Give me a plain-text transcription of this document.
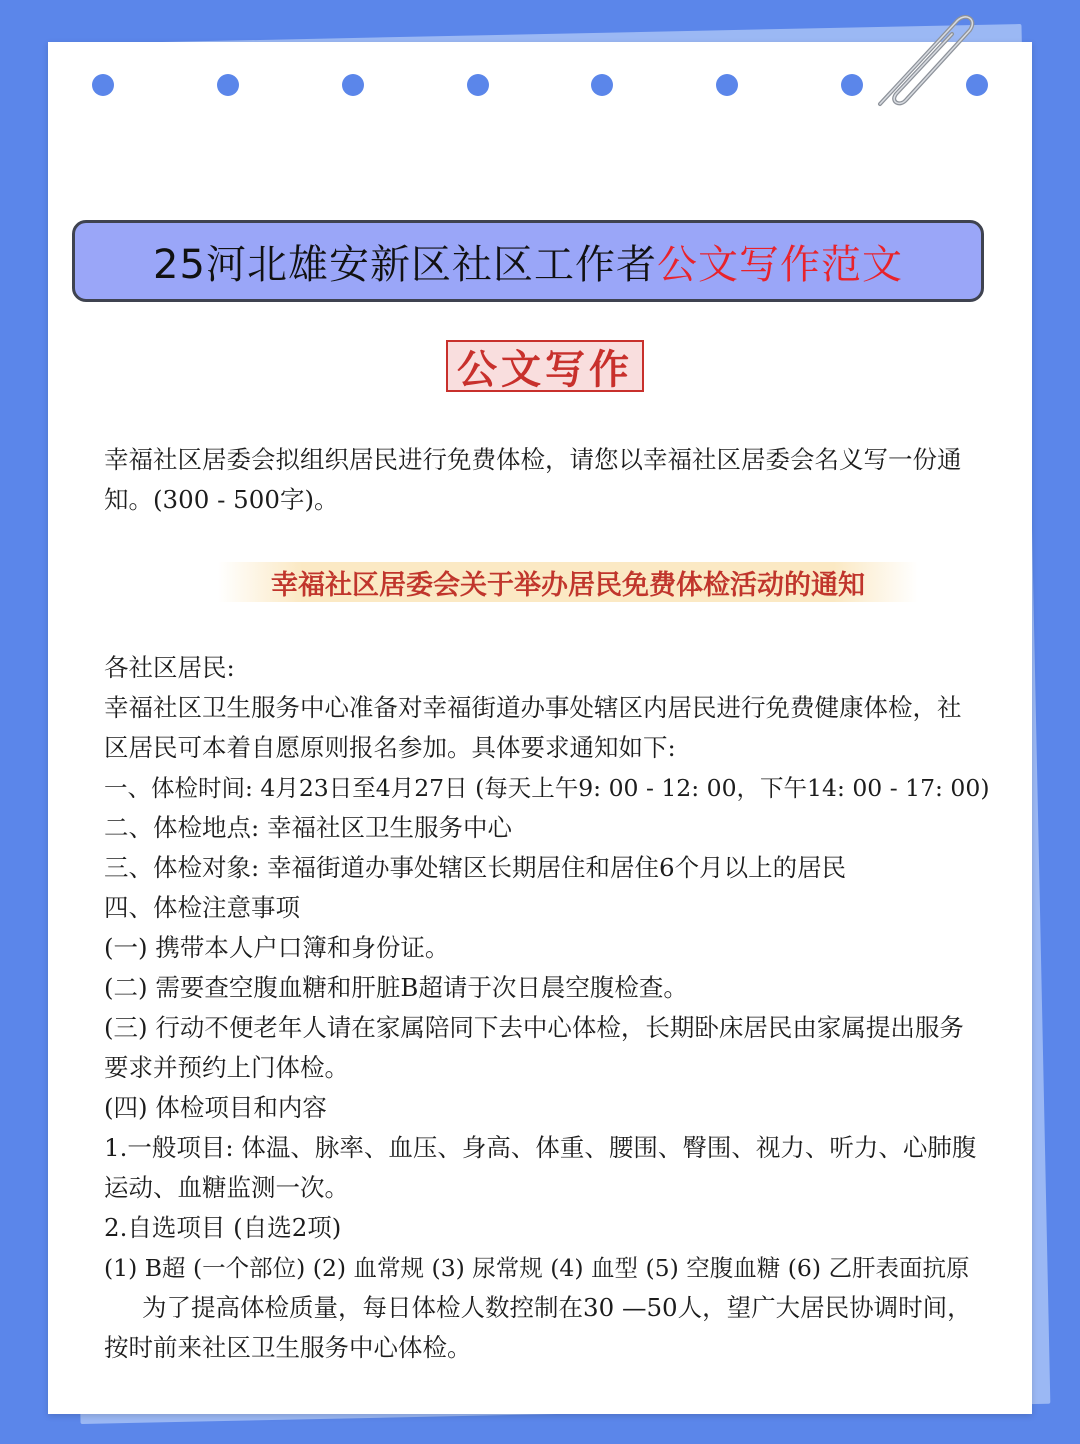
25河北雄安新区社区工作者 公文写作范文
公文写作
幸福社区居委会拟组织居民进行免费体检，请您以幸福社区居委会名义写一份通
知。(300 - 500字)。
幸福社区居委会关于举办居民免费体检活动的通知
各社区居民:
幸福社区卫生服务中心准备对幸福街道办事处辖区内居民进行免费健康体检，社
区居民可本着自愿原则报名参加。具体要求通知如下:
一、体检时间: 4月23日至4月27日 (每天上午9: 00 - 12: 00，下午14: 00 - 17: 00)
二、体检地点: 幸福社区卫生服务中心
三、体检对象: 幸福街道办事处辖区长期居住和居住6个月以上的居民
四、体检注意事项
(一) 携带本人户口簿和身份证。
(二) 需要查空腹血糖和肝脏B超请于次日晨空腹检查。
(三) 行动不便老年人请在家属陪同下去中心体检，长期卧床居民由家属提出服务
要求并预约上门体检。
(四) 体检项目和内容
1.一般项目: 体温、脉率、血压、身高、体重、腰围、臀围、视力、听力、心肺腹
运动、血糖监测一次。
2.自选项目 (自选2项)
(1) B超 (一个部位) (2) 血常规 (3) 尿常规 (4) 血型 (5) 空腹血糖 (6) 乙肝表面抗原
为了提高体检质量，每日体检人数控制在30 —50人，望广大居民协调时间，
按时前来社区卫生服务中心体检。
